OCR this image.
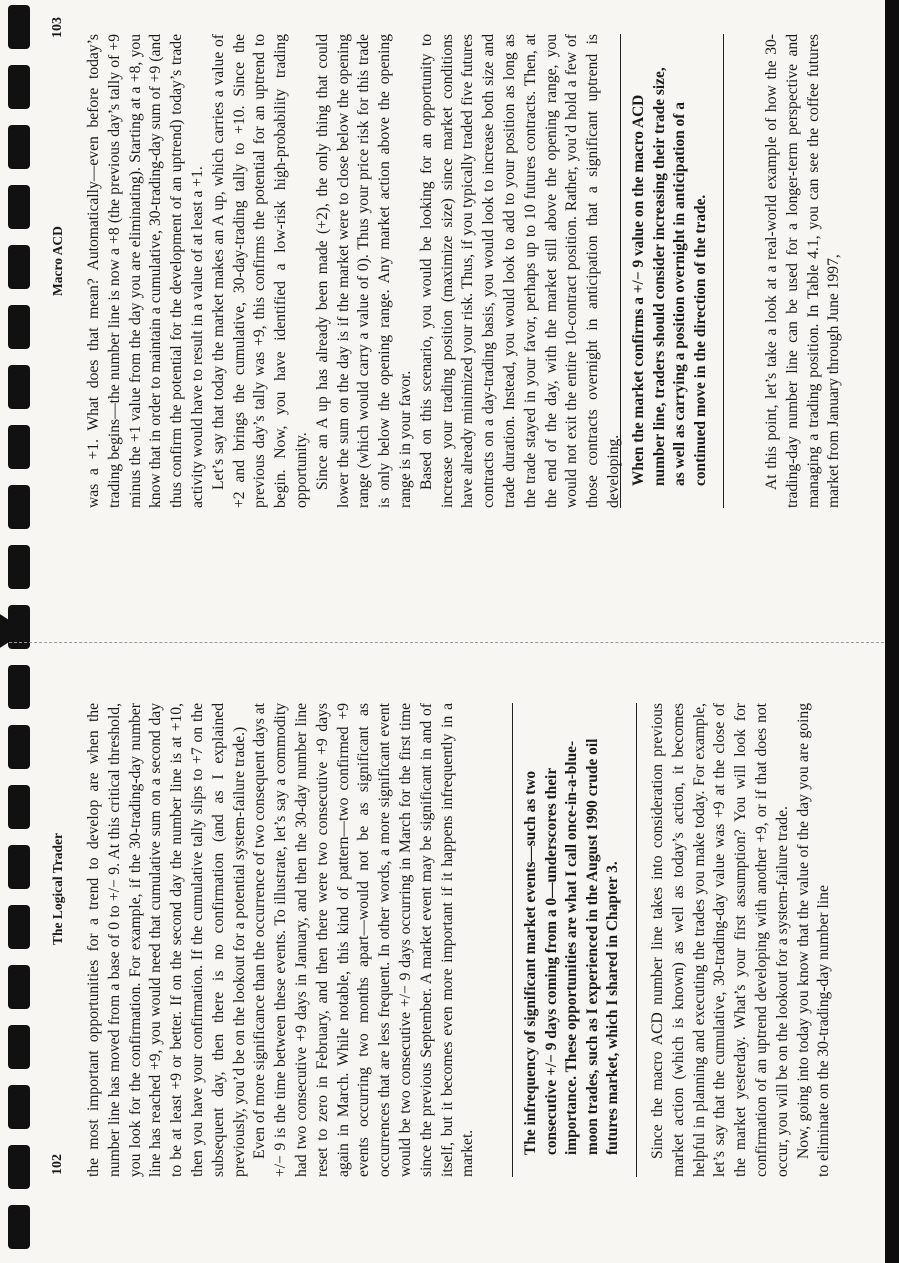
102
The Logical Trader the most important opportunities for a trend to develop are when the number line has moved from a base of 0 to +/− 9. At this critical threshold, you look for the confirmation. For example, if the 30-trading-day number line has reached +9, you would need that cumulative sum on a second day to be at least +9 or better. If on the second day the number line is at +10, then you have your confirmation. If the cumulative tally slips to +7 on the subsequent day, then there is no confirmation (and as I explained previously, you’d be on the lookout for a potential system-failure trade.) Even of more significance than the occurrence of two consequent days at +/− 9 is the time between these events. To illustrate, let’s say a commodity had two consecutive +9 days in January, and then the 30-day number line reset to zero in February, and then there were two consecutive +9 days again in March. While notable, this kind of pattern—two confirmed +9 events occurring two months apart—would not be as significant as occurrences that are less frequent. In other words, a more significant event would be two consecutive +/− 9 days occurring in March for the first time since the previous September. A market event may be significant in and of itself, but it becomes even more important if it happens infrequently in a market.	The infrequency of significant market events—such as two consecutive +/− 9 days coming from a 0—underscores their importance. These opportunities are what I call once-in-a-blue-moon trades, such as I experienced in the August 1990 crude oil futures market, which I shared in Chapter 3.	Since the macro ACD number line takes into consideration previous market action (which is known) as well as today’s action, it becomes helpful in planning and executing the trades you make today. For example, let’s say that the cumulative, 30-trading-day value was +9 at the close of the market yesterday. What’s your first assumption? You will look for confirmation of an uptrend developing with another +9, or if that does not occur, you will be on the lookout for a system-failure trade. Now, going into today you know that the value of the day you are going to eliminate on the 30-trading-day number line

103
Macro ACD was a +1. What does that mean? Automatically—even before today’s trading begins—the number line is now a +8 (the previous day’s tally of +9 minus the +1 value from the day you are eliminating). Starting at a +8, you know that in order to maintain a cumulative, 30-trading-day sum of +9 (and thus confirm the potential for the development of an uptrend) today’s trade activity would have to result in a value of at least a +1. Let’s say that today the market makes an A up, which carries a value of +2 and brings the cumulative, 30-day-trading tally to +10. Since the previous day’s tally was +9, this confirms the potential for an uptrend to begin. Now, you have identified a low-risk high-probability trading opportunity. Since an A up has already been made (+2), the only thing that could lower the sum on the day is if the market were to close below the opening range (which would carry a value of 0). Thus your price risk for this trade is only below the opening range. Any market action above the opening range is in your favor. Based on this scenario, you would be looking for an opportunity to increase your trading position (maximize size) since market conditions have already minimized your risk. Thus, if you typically traded five futures contracts on a day-trading basis, you would look to increase both size and trade duration. Instead, you would look to add to your position as long as the trade stayed in your favor, perhaps up to 10 futures contracts. Then, at the end of the day, with the market still above the opening range, you would not exit the entire 10-contract position. Rather, you’d hold a few of those contracts overnight in anticipation that a significant uptrend is developing. When the market confirms a +/− 9 value on the macro ACD number line, traders should consider increasing their trade size, as well as carrying a position overnight in anticipation of a continued move in the direction of the trade.	At this point, let’s take a look at a real-world example of how the 30-trading-day number line can be used for a longer-term perspective and managing a trading position. In Table 4.1, you can see the coffee futures market from January through June 1997,
